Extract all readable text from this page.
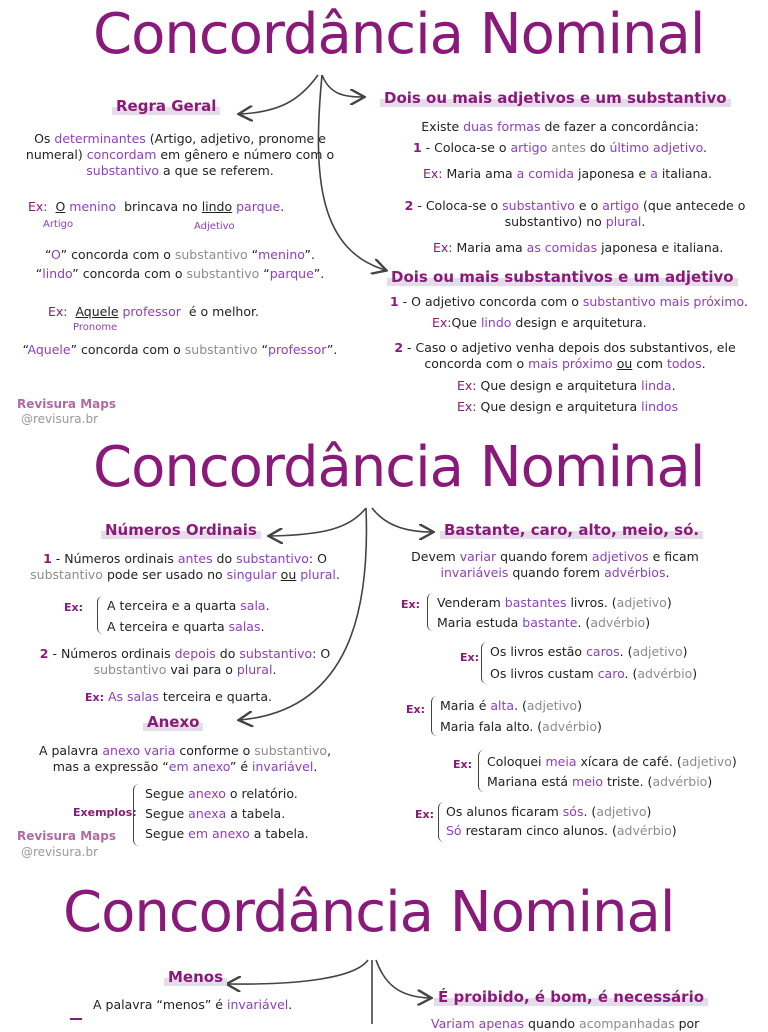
Concordância Nominal
Regra Geral
Os determinantes (Artigo, adjetivo, pronome e
numeral) concordam em gênero e número com o
substantivo a que se referem.
Ex: O menino brincava no lindo parque.
Artigo	Adjetivo
“O” concorda com o substantivo “menino”.
“lindo” concorda com o substantivo “parque”.
Ex: Aquele professor é o melhor.
Pronome
“Aquele” concorda com o substantivo “professor”.
Revisura Maps
@revisura.br
Dois ou mais adjetivos e um substantivo
Existe duas formas de fazer a concordância:
1 - Coloca-se o artigo antes do último adjetivo.
Ex: Maria ama a comida japonesa e a italiana.
2 - Coloca-se o substantivo e o artigo (que antecede o
substantivo) no plural.
Ex: Maria ama as comidas japonesa e italiana.
Dois ou mais substantivos e um adjetivo
1 - O adjetivo concorda com o substantivo mais próximo.
Ex:Que lindo design e arquitetura.
2 - Caso o adjetivo venha depois dos substantivos, ele
concorda com o mais próximo ou com todos.
Ex: Que design e arquitetura linda.
Ex: Que design e arquitetura lindos
Concordância Nominal
Números Ordinais
1 - Números ordinais antes do substantivo: O
substantivo pode ser usado no singular ou plural.
Ex: A terceira e a quarta sala.
A terceira e quarta salas.
2 - Números ordinais depois do substantivo: O
substantivo vai para o plural.
Ex: As salas terceira e quarta.
Anexo
A palavra anexo varia conforme o substantivo,
mas a expressão “em anexo” é invariável.
Exemplos:
Segue anexo o relatório.
Segue anexa a tabela.
Segue em anexo a tabela.
Revisura Maps
@revisura.br
Bastante, caro, alto, meio, só.
Devem variar quando forem adjetivos e ficam
invariáveis quando forem advérbios.
Ex: Venderam bastantes livros. (adjetivo)
Maria estuda bastante. (advérbio)
Ex: Os livros estão caros. (adjetivo)
Os livros custam caro. (advérbio)
Ex: Maria é alta. (adjetivo)
Maria fala alto. (advérbio)
Ex: Coloquei meia xícara de café. (adjetivo)
Mariana está meio triste. (advérbio)
Ex: Os alunos ficaram sós. (adjetivo)
Só restaram cinco alunos. (advérbio)
Concordância Nominal
Menos
A palavra “menos” é invariável.	É proibido, é bom, é necessário
Variam apenas quando acompanhadas por
